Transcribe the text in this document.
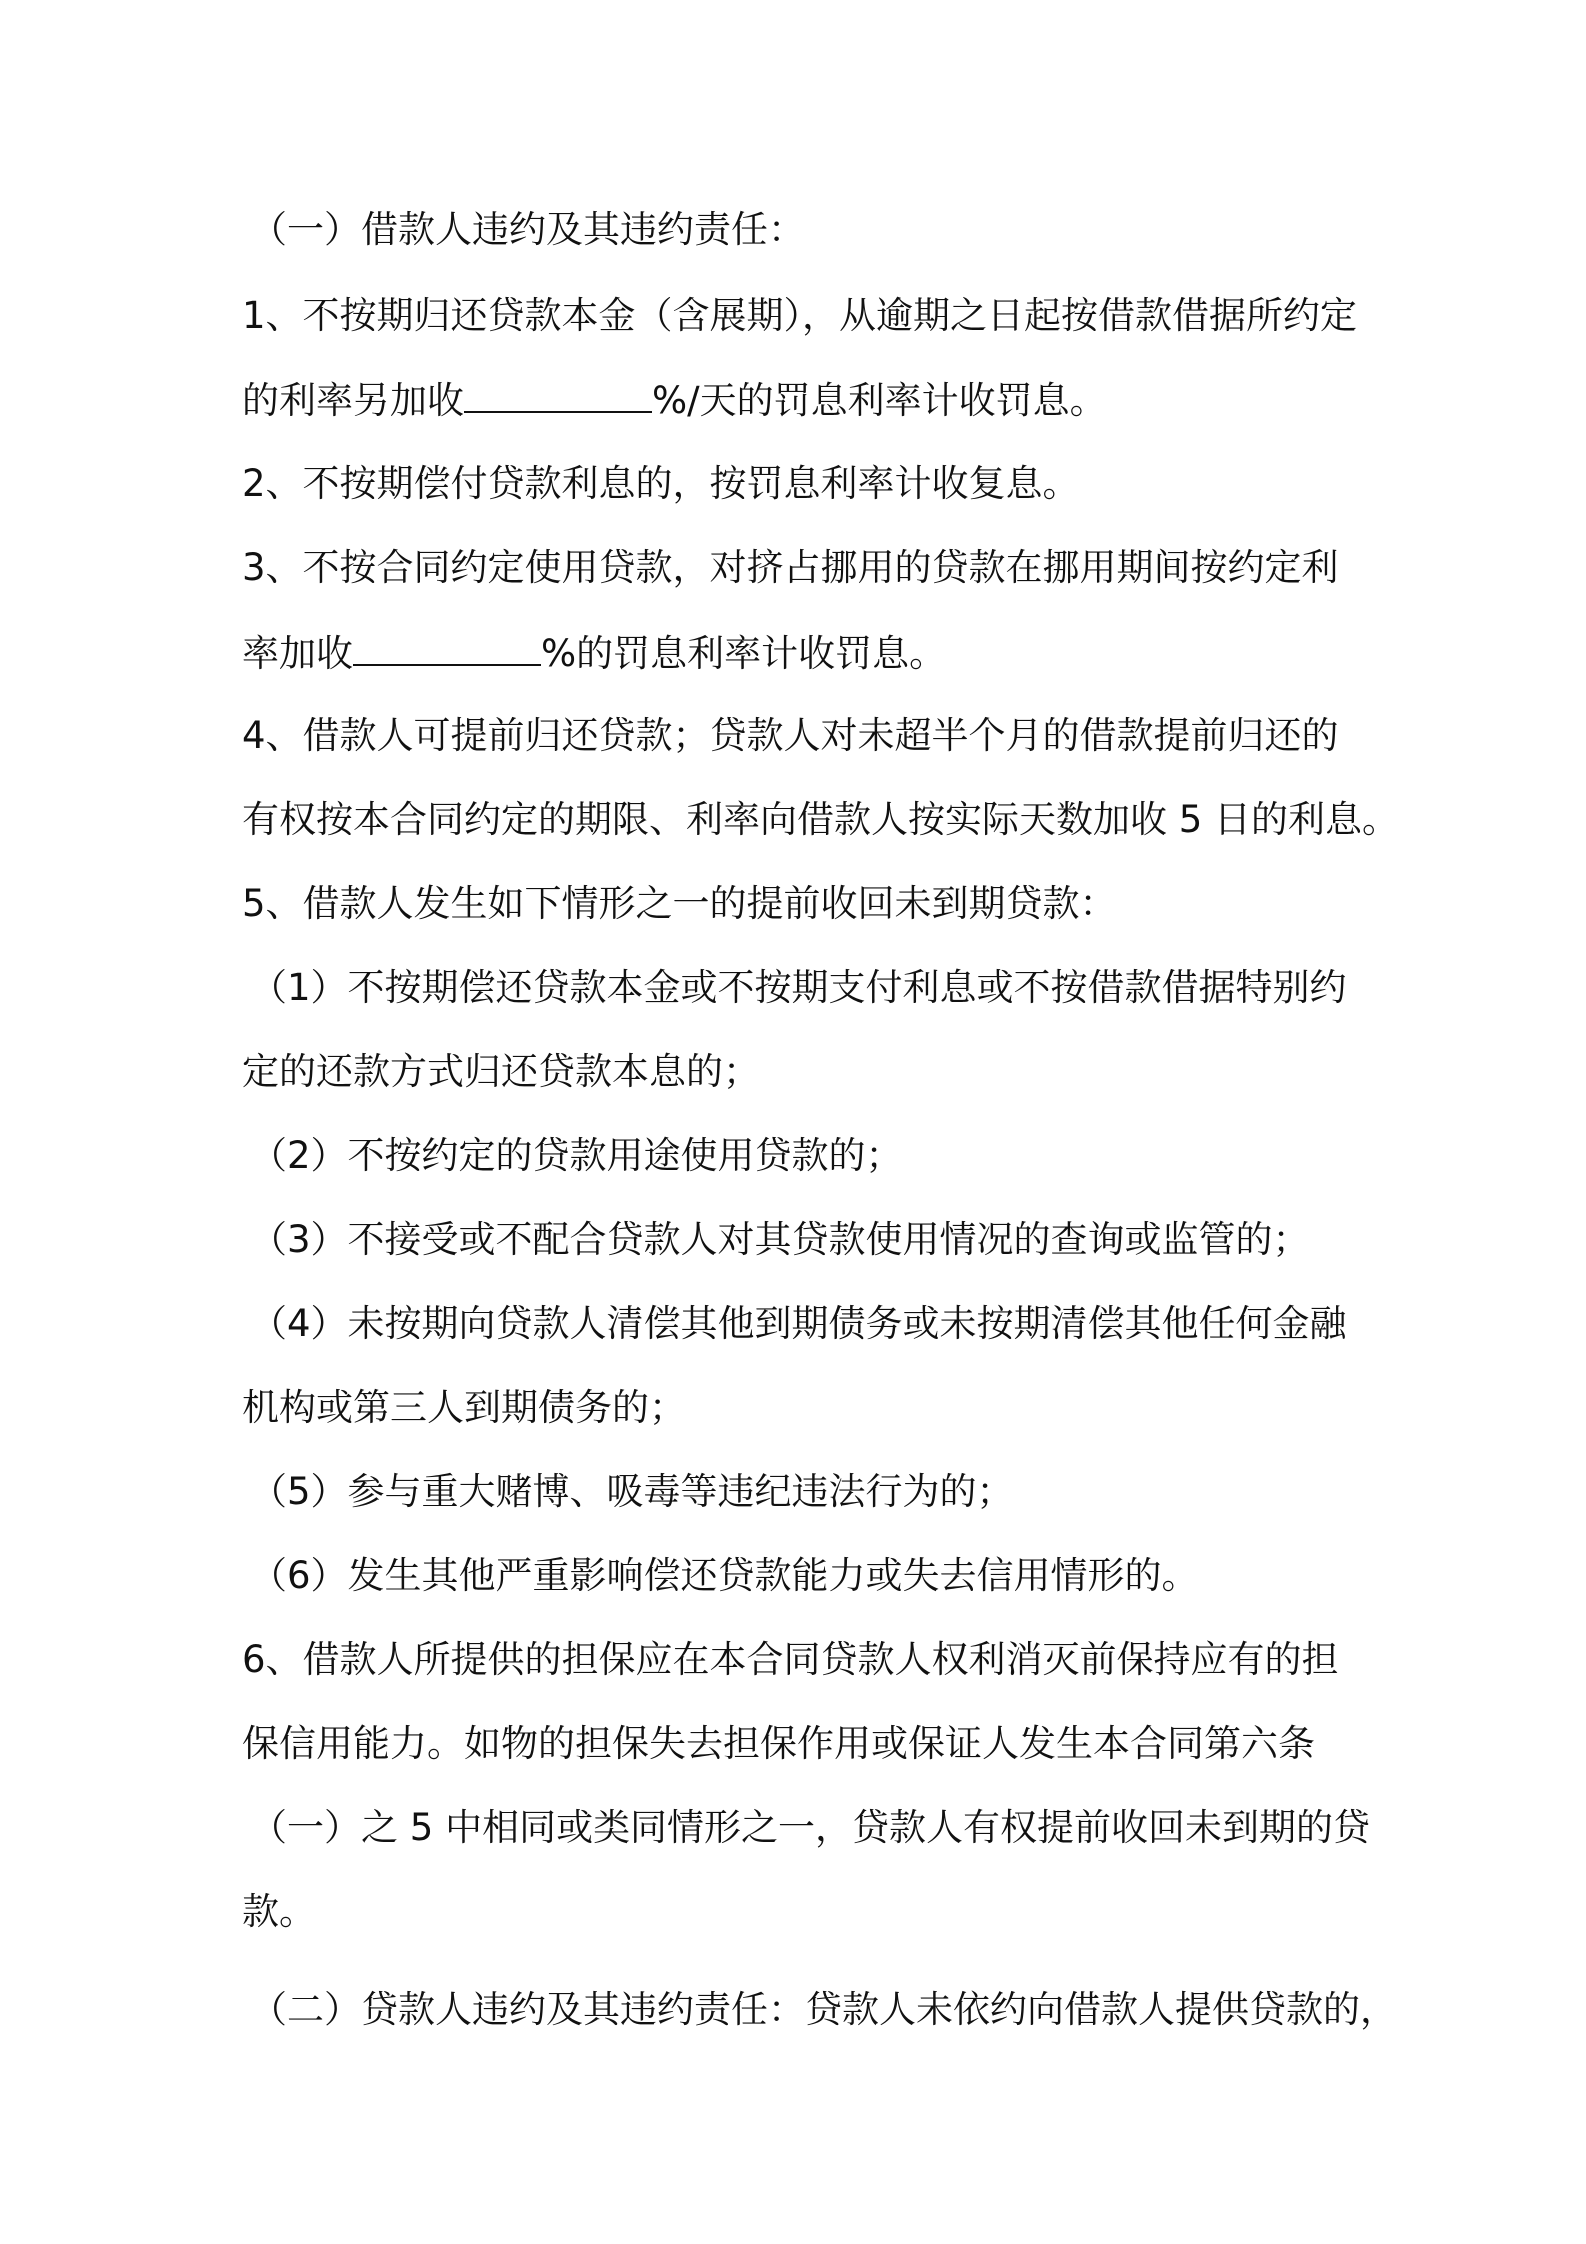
（一）借款人违约及其违约责任：

1、不按期归还贷款本金（含展期），从逾期之日起按借款借据所约定

的利率另加收	%/天的罚息利率计收罚息。

2、不按期偿付贷款利息的，按罚息利率计收复息。

3、不按合同约定使用贷款，对挤占挪用的贷款在挪用期间按约定利

率加收	%的罚息利率计收罚息。

4、借款人可提前归还贷款；贷款人对未超半个月的借款提前归还的

有权按本合同约定的期限、利率向借款人按实际天数加收 5 日的利息。

5、借款人发生如下情形之一的提前收回未到期贷款：

（1）不按期偿还贷款本金或不按期支付利息或不按借款借据特别约

定的还款方式归还贷款本息的；

（2）不按约定的贷款用途使用贷款的；

（3）不接受或不配合贷款人对其贷款使用情况的查询或监管的；

（4）未按期向贷款人清偿其他到期债务或未按期清偿其他任何金融

机构或第三人到期债务的；

（5）参与重大赌博、吸毒等违纪违法行为的；

（6）发生其他严重影响偿还贷款能力或失去信用情形的。

6、借款人所提供的担保应在本合同贷款人权利消灭前保持应有的担

保信用能力。如物的担保失去担保作用或保证人发生本合同第六条

（一）之 5 中相同或类同情形之一，贷款人有权提前收回未到期的贷

款。

（二）贷款人违约及其违约责任：贷款人未依约向借款人提供贷款的，
